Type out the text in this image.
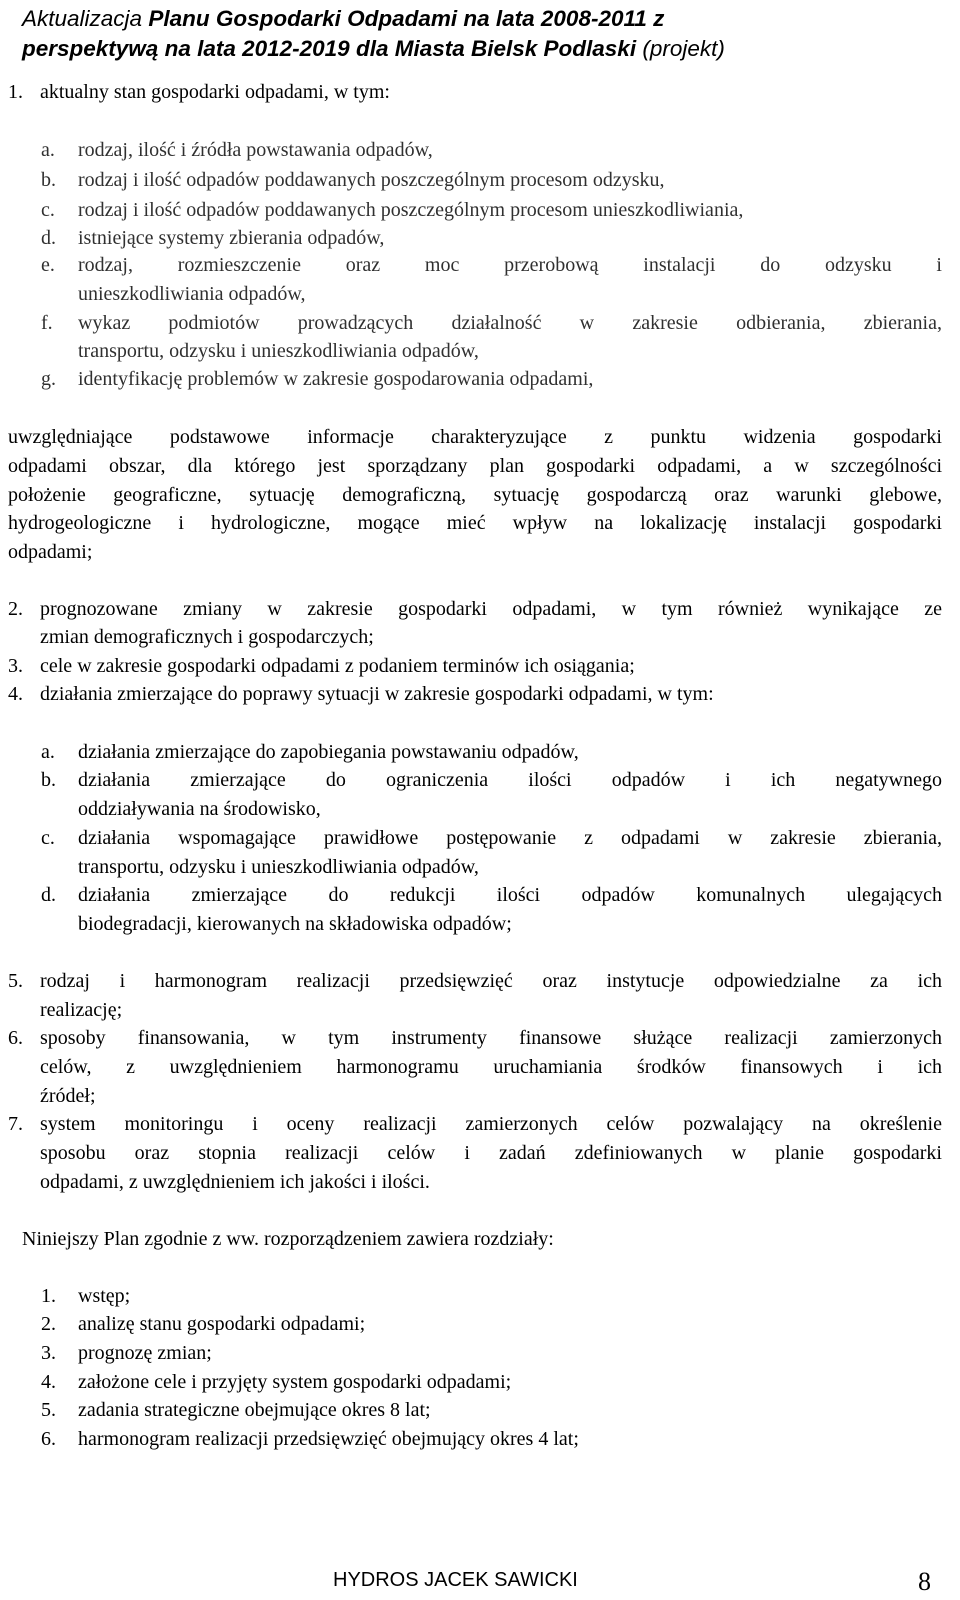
Aktualizacja Planu Gospodarki Odpadami na lata 2008-2011 z
perspektywą na lata 2012-2019 dla Miasta Bielsk Podlaski (projekt)
1. aktualny stan gospodarki odpadami, w tym:
a. rodzaj, ilość i źródła powstawania odpadów,
b. rodzaj i ilość odpadów poddawanych poszczególnym procesom odzysku,
c. rodzaj i ilość odpadów poddawanych poszczególnym procesom unieszkodliwiania,
d. istniejące systemy zbierania odpadów,
e. rodzaj, rozmieszczenie oraz moc przerobową instalacji do odzysku i
unieszkodliwiania odpadów,
f. wykaz podmiotów prowadzących działalność w zakresie odbierania, zbierania,
transportu, odzysku i unieszkodliwiania odpadów,
g. identyfikację problemów w zakresie gospodarowania odpadami,
uwzględniające podstawowe informacje charakteryzujące z punktu widzenia gospodarki
odpadami obszar, dla którego jest sporządzany plan gospodarki odpadami, a w szczególności
położenie geograficzne, sytuację demograficzną, sytuację gospodarczą oraz warunki glebowe,
hydrogeologiczne i hydrologiczne, mogące mieć wpływ na lokalizację instalacji gospodarki
odpadami;
2. prognozowane zmiany w zakresie gospodarki odpadami, w tym również wynikające ze
zmian demograficznych i gospodarczych;
3. cele w zakresie gospodarki odpadami z podaniem terminów ich osiągania;
4. działania zmierzające do poprawy sytuacji w zakresie gospodarki odpadami, w tym:
a. działania zmierzające do zapobiegania powstawaniu odpadów,
b. działania zmierzające do ograniczenia ilości odpadów i ich negatywnego
oddziaływania na środowisko,
c. działania wspomagające prawidłowe postępowanie z odpadami w zakresie zbierania,
transportu, odzysku i unieszkodliwiania odpadów,
d. działania zmierzające do redukcji ilości odpadów komunalnych ulegających
biodegradacji, kierowanych na składowiska odpadów;
5. rodzaj i harmonogram realizacji przedsięwzięć oraz instytucje odpowiedzialne za ich
realizację;
6. sposoby finansowania, w tym instrumenty finansowe służące realizacji zamierzonych
celów, z uwzględnieniem harmonogramu uruchamiania środków finansowych i ich
źródeł;
7. system monitoringu i oceny realizacji zamierzonych celów pozwalający na określenie
sposobu oraz stopnia realizacji celów i zadań zdefiniowanych w planie gospodarki
odpadami, z uwzględnieniem ich jakości i ilości.
Niniejszy Plan zgodnie z ww. rozporządzeniem zawiera rozdziały:
1. wstęp;
2. analizę stanu gospodarki odpadami;
3. prognozę zmian;
4. założone cele i przyjęty system gospodarki odpadami;
5. zadania strategiczne obejmujące okres 8 lat;
6. harmonogram realizacji przedsięwzięć obejmujący okres 4 lat;
HYDROS JACEK SAWICKI	8
